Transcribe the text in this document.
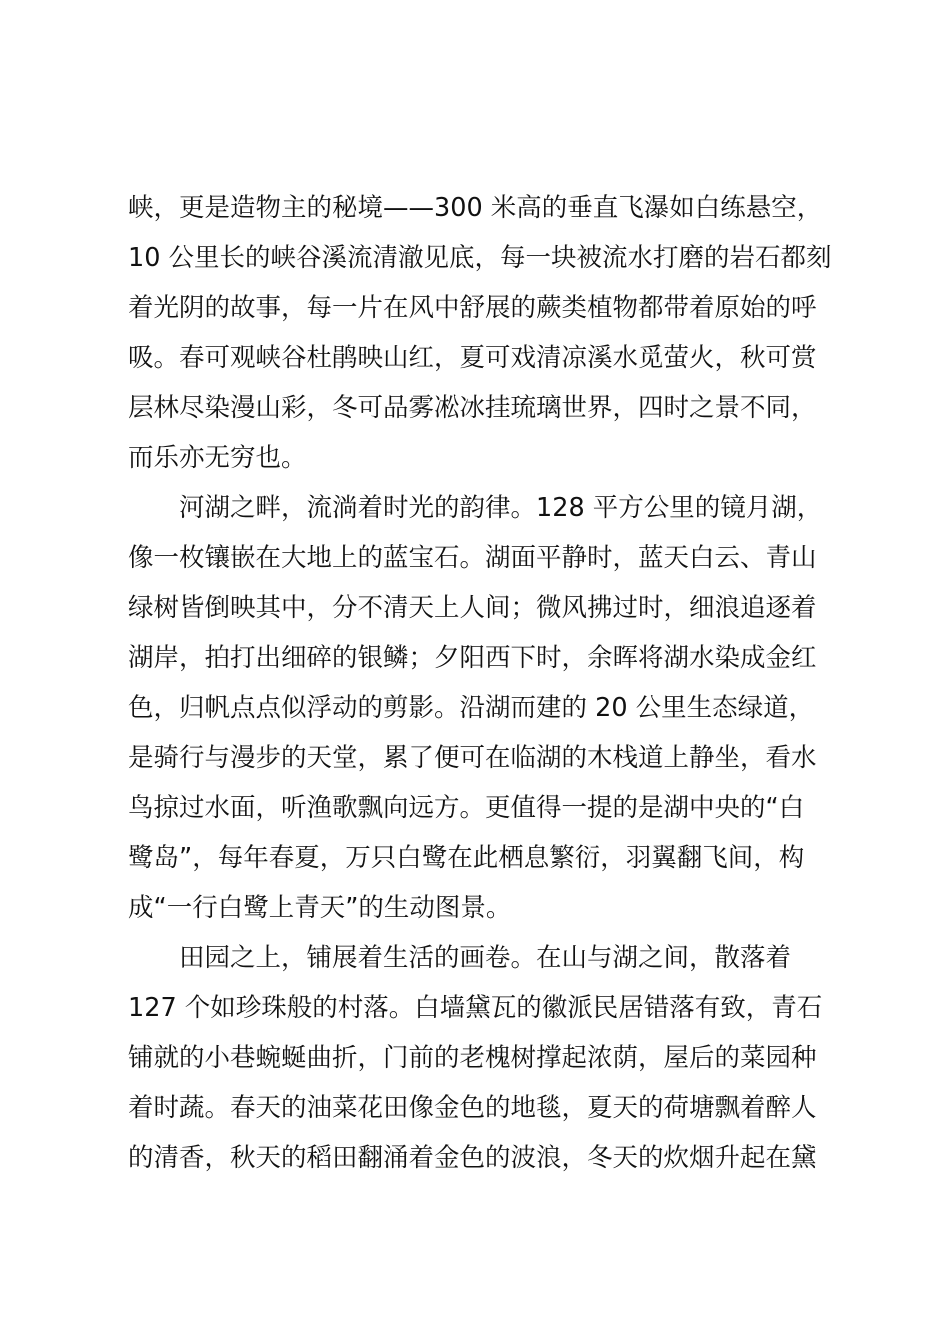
峡，更是造物主的秘境——300 米高的垂直飞瀑如白练悬空，
10 公里长的峡谷溪流清澈见底，每一块被流水打磨的岩石都刻
着光阴的故事，每一片在风中舒展的蕨类植物都带着原始的呼
吸。春可观峡谷杜鹃映山红，夏可戏清凉溪水觅萤火，秋可赏
层林尽染漫山彩，冬可品雾凇冰挂琉璃世界，四时之景不同，
而乐亦无穷也。
　　河湖之畔，流淌着时光的韵律。128 平方公里的镜月湖，
像一枚镶嵌在大地上的蓝宝石。湖面平静时，蓝天白云、青山
绿树皆倒映其中，分不清天上人间；微风拂过时，细浪追逐着
湖岸，拍打出细碎的银鳞；夕阳西下时，余晖将湖水染成金红
色，归帆点点似浮动的剪影。沿湖而建的 20 公里生态绿道，
是骑行与漫步的天堂，累了便可在临湖的木栈道上静坐，看水
鸟掠过水面，听渔歌飘向远方。更值得一提的是湖中央的“白
鹭岛”，每年春夏，万只白鹭在此栖息繁衍，羽翼翻飞间，构
成“一行白鹭上青天”的生动图景。
　　田园之上，铺展着生活的画卷。在山与湖之间，散落着
127 个如珍珠般的村落。白墙黛瓦的徽派民居错落有致，青石
铺就的小巷蜿蜒曲折，门前的老槐树撑起浓荫，屋后的菜园种
着时蔬。春天的油菜花田像金色的地毯，夏天的荷塘飘着醉人
的清香，秋天的稻田翻涌着金色的波浪，冬天的炊烟升起在黛
